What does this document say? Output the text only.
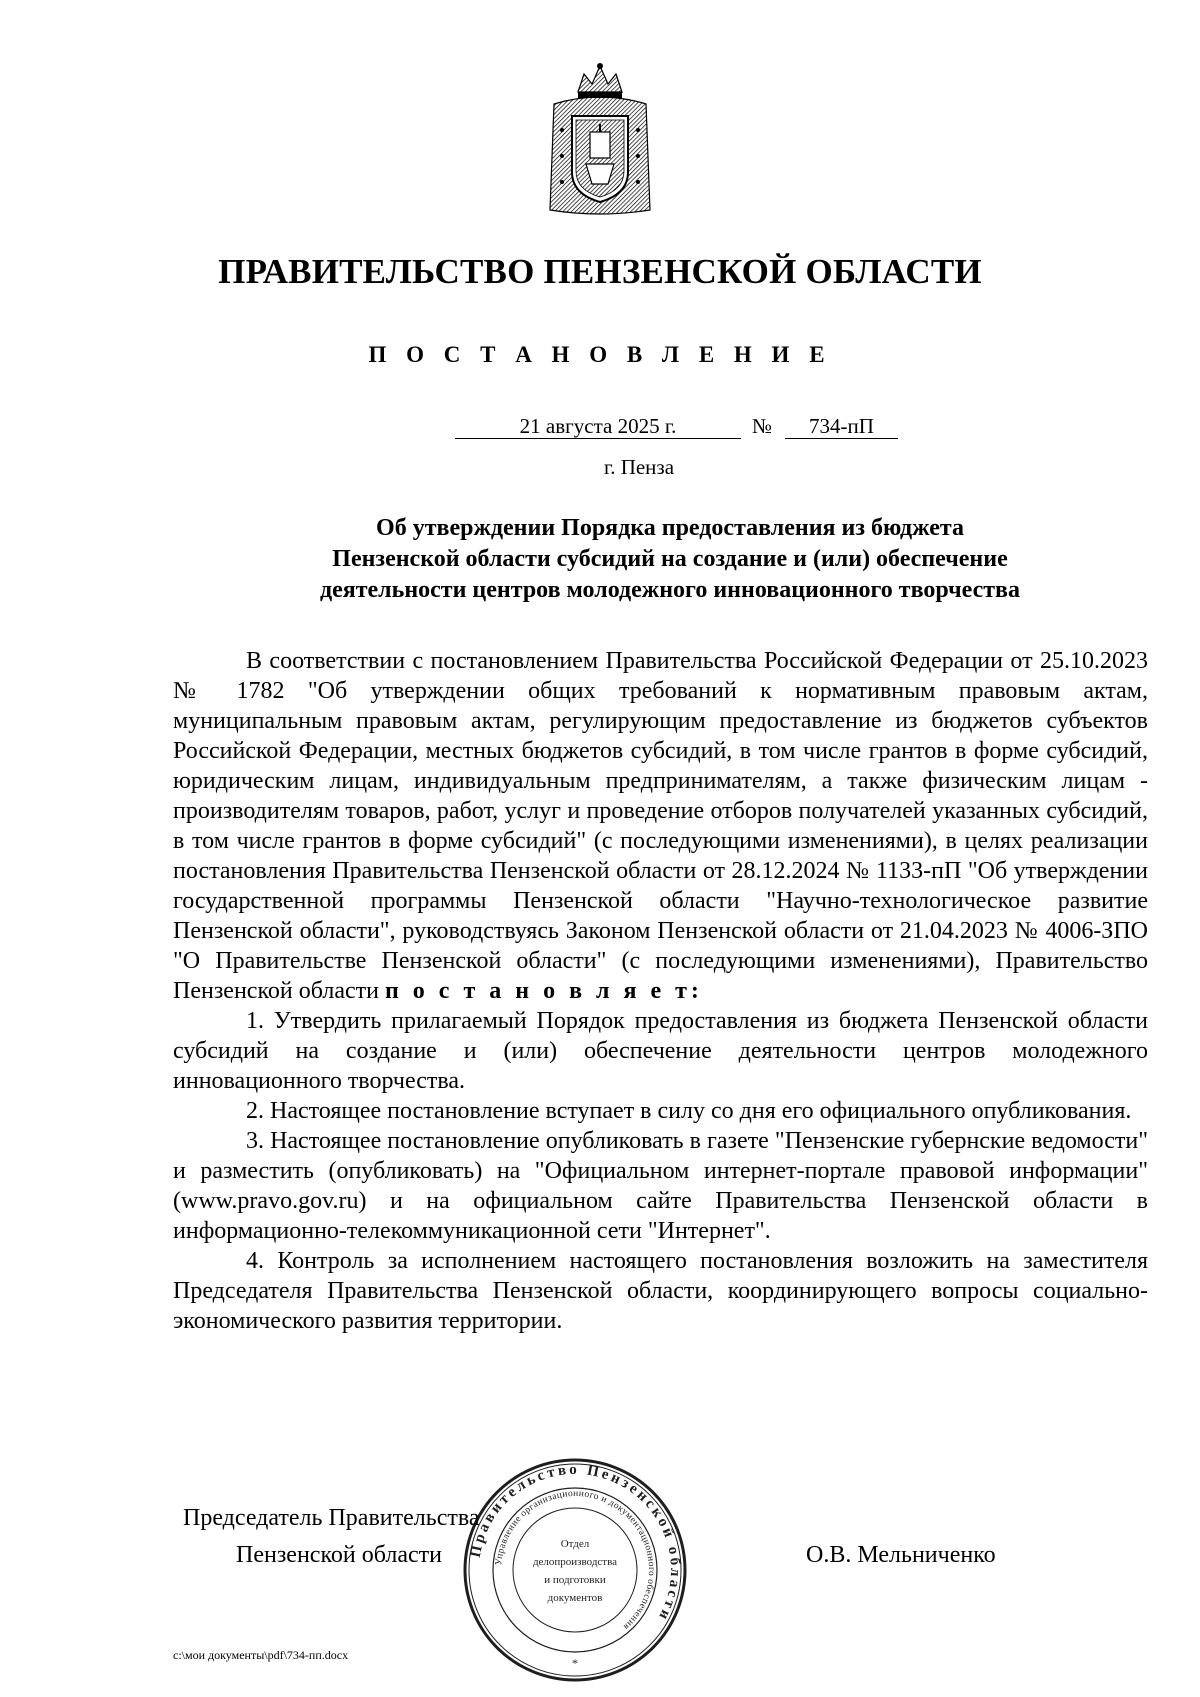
ПРАВИТЕЛЬСТВО ПЕНЗЕНСКОЙ ОБЛАСТИ
П О С Т А Н О В Л Е Н И Е
21 августа 2025 г.	№	734-пП
г. Пенза
Об утверждении Порядка предоставления из бюджета
Пензенской области субсидий на создание и (или) обеспечение
деятельности центров молодежного инновационного творчества

В соответствии с постановлением Правительства Российской Федерации от 25.10.2023 № 1782 "Об утверждении общих требований к нормативным правовым актам, муниципальным правовым актам, регулирующим предоставление из бюджетов субъектов Российской Федерации, местных бюджетов субсидий, в том числе грантов в форме субсидий, юридическим лицам, индивидуальным предпринимателям, а также физическим лицам - производителям товаров, работ, услуг и проведение отборов получателей указанных субсидий, в том числе грантов в форме субсидий" (с последующими изменениями), в целях реализации постановления Правительства Пензенской области от 28.12.2024 № 1133-пП "Об утверждении государственной программы Пензенской области "Научно-технологическое развитие Пензенской области", руководствуясь Законом Пензенской области от 21.04.2023 № 4006-ЗПО "О Правительстве Пензенской области" (с последующими изменениями), Правительство Пензенской области п о с т а н о в л я е т:

1. Утвердить прилагаемый Порядок предоставления из бюджета Пензенской области субсидий на создание и (или) обеспечение деятельности центров молодежного инновационного творчества.

2. Настоящее постановление вступает в силу со дня его официального опубликования.

3. Настоящее постановление опубликовать в газете "Пензенские губернские ведомости" и разместить (опубликовать) на "Официальном интернет-портале правовой информации" (www.pravo.gov.ru) и на официальном сайте Правительства Пензенской области в информационно-телекоммуникационной сети "Интернет".

4. Контроль за исполнением настоящего постановления возложить на заместителя Председателя Правительства Пензенской области, координирующего вопросы социально-экономического развития территории.

Председатель Правительства
Пензенской области	О.В. Мельниченко
Правительство Пензенской области
Управление организационного и документационного обеспечения
Отдел
делопроизводства
и подготовки
документов
*
c:\мои документы\pdf\734-пп.docx
